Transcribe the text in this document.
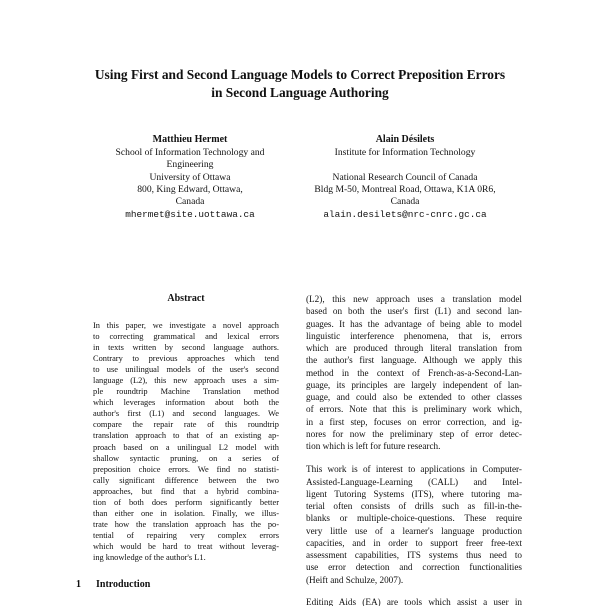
Using First and Second Language Models to Correct Preposition Errors
in Second Language Authoring
Matthieu Hermet
School of Information Technology and
Engineering
University of Ottawa
800, King Edward, Ottawa,
Canada
mhermet@site.uottawa.ca
Alain Désilets
Institute for Information Technology

National Research Council of Canada
Bldg M-50, Montreal Road, Ottawa, K1A 0R6,
Canada
alain.desilets@nrc-cnrc.gc.ca
Abstract
In this paper, we investigate a novel approach
to correcting grammatical and lexical errors
in texts written by second language authors.
Contrary to previous approaches which tend
to use unilingual models of the user's second
language (L2), this new approach uses a sim-
ple roundtrip Machine Translation method
which leverages information about both the
author's first (L1) and second languages. We
compare the repair rate of this roundtrip
translation approach to that of an existing ap-
proach based on a unilingual L2 model with
shallow syntactic pruning, on a series of
preposition choice errors. We find no statisti-
cally significant difference between the two
approaches, but find that a hybrid combina-
tion of both does perform significantly better
than either one in isolation. Finally, we illus-
trate how the translation approach has the po-
tential of repairing very complex errors
which would be hard to treat without leverag-
ing knowledge of the author's L1.
(L2), this new approach uses a translation model
based on both the user's first (L1) and second lan-
guages. It has the advantage of being able to model
linguistic interference phenomena, that is, errors
which are produced through literal translation from
the author's first language. Although we apply this
method in the context of French-as-a-Second-Lan-
guage, its principles are largely independent of lan-
guage, and could also be extended to other classes
of errors. Note that this is preliminary work which,
in a first step, focuses on error correction, and ig-
nores for now the preliminary step of error detec-
tion which is left for future research.
This work is of interest to applications in Computer-
Assisted-Language-Learning (CALL) and Intel-
ligent Tutoring Systems (ITS), where tutoring ma-
terial often consists of drills such as fill-in-the-
blanks or multiple-choice-questions. These require
very little use of a learner's language production
capacities, and in order to support freer free-text
assessment capabilities, ITS systems thus need to
use error detection and correction functionalities
(Heift and Schulze, 2007).
1 Introduction
Editing Aids (EA) are tools which assist a user in
